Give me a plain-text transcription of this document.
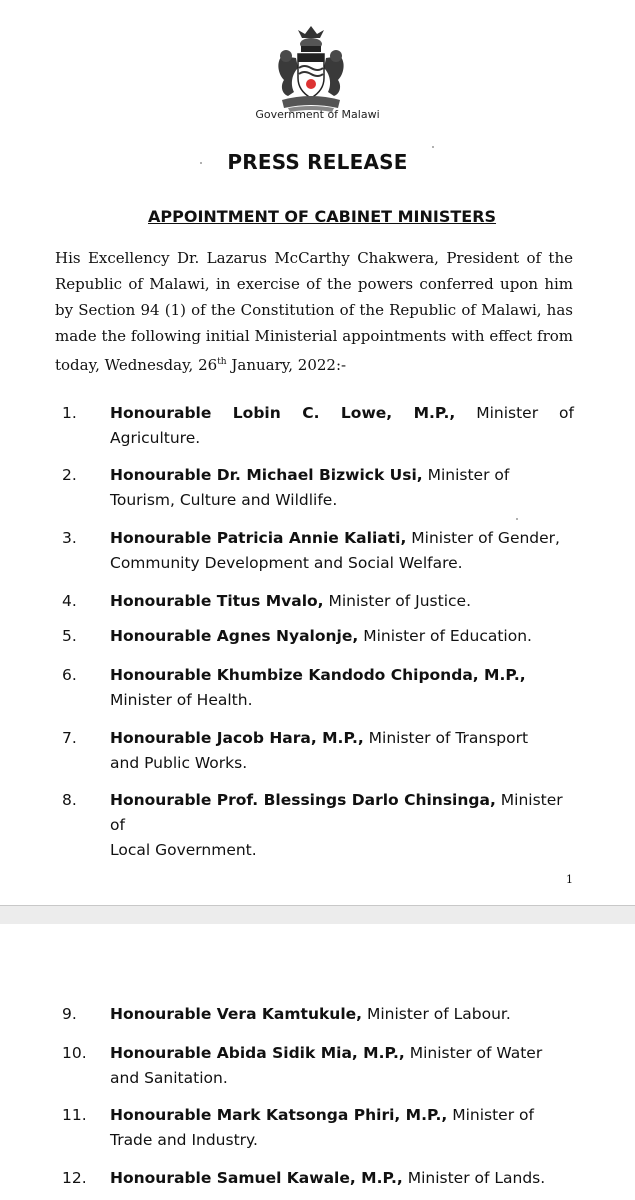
Government of Malawi
PRESS RELEASE
APPOINTMENT OF CABINET MINISTERS

His Excellency Dr. Lazarus McCarthy Chakwera, President of the Republic of Malawi, in exercise of the powers conferred upon him by Section 94 (1) of the Constitution of the Republic of Malawi, has made the following initial Ministerial appointments with effect from today, Wednesday, 26th January, 2022:-

1. Honourable Lobin C. Lowe, M.P., Minister of
Agriculture.
2. Honourable Dr. Michael Bizwick Usi, Minister of
Tourism, Culture and Wildlife.
3. Honourable Patricia Annie Kaliati, Minister of Gender,
Community Development and Social Welfare.
4. Honourable Titus Mvalo, Minister of Justice.
5. Honourable Agnes Nyalonje, Minister of Education.
6. Honourable Khumbize Kandodo Chiponda, M.P.,
Minister of Health.
7. Honourable Jacob Hara, M.P., Minister of Transport
and Public Works.
8. Honourable Prof. Blessings Darlo Chinsinga, Minister of
Local Government.
1
9. Honourable Vera Kamtukule, Minister of Labour.
10. Honourable Abida Sidik Mia, M.P., Minister of Water
and Sanitation.
11. Honourable Mark Katsonga Phiri, M.P., Minister of
Trade and Industry.
12. Honourable Samuel Kawale, M.P., Minister of Lands.
